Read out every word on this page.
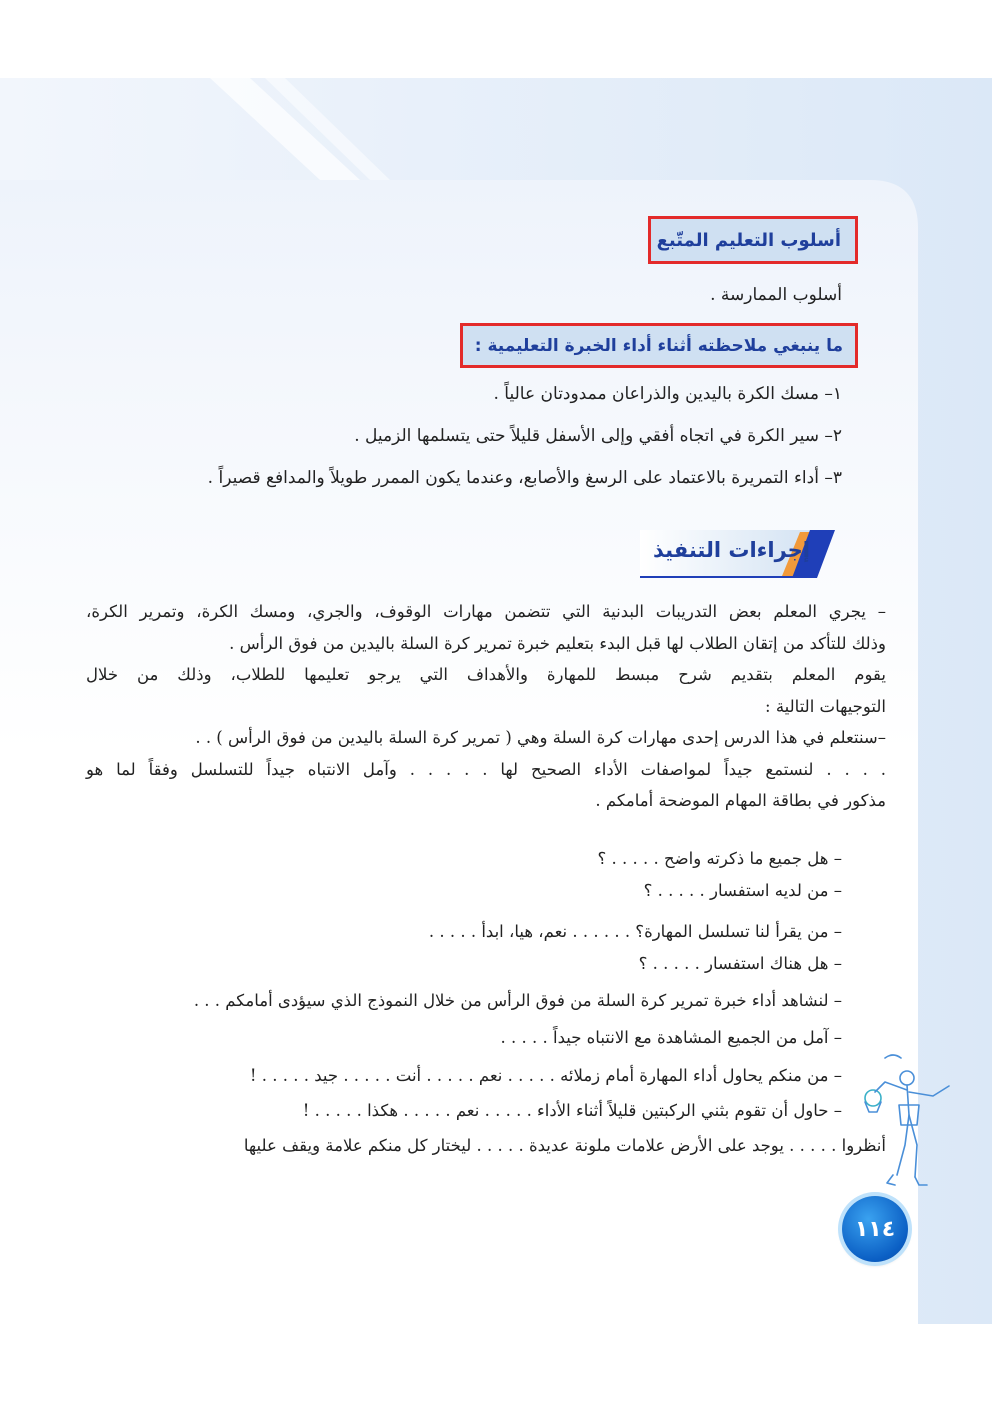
أسلوب التعليم المتّبع
أسلوب الممارسة .
ما ينبغي ملاحظته أثناء أداء الخبرة التعليمية :
١– مسك الكرة باليدين والذراعان ممدودتان عالياً .
٢– سير الكرة في اتجاه أفقي وإلى الأسفل قليلاً حتى يتسلمها الزميل .
٣– أداء التمريرة بالاعتماد على الرسغ والأصابع، وعندما يكون الممرر طويلاً والمدافع قصيراً .
إجراءات التنفيذ
– يجري المعلم بعض التدريبات البدنية التي تتضمن مهارات الوقوف، والجري، ومسك الكرة، وتمرير الكرة،
وذلك للتأكد من إتقان الطلاب لها قبل البدء بتعليم خبرة تمرير كرة السلة باليدين من فوق الرأس .
يقوم المعلم بتقديم شرح مبسط للمهارة والأهداف التي يرجو تعليمها للطلاب، وذلك من خلال
التوجيهات التالية :
–سنتعلم في هذا الدرس إحدى مهارات كرة السلة وهي ( تمرير كرة السلة باليدين من فوق الرأس ) . .
. . . . لنستمع جيداً لمواصفات الأداء الصحيح لها . . . . . وآمل الانتباه جيداً للتسلسل وفقاً لما هو
مذكور في بطاقة المهام الموضحة أمامكم .
– هل جميع ما ذكرته واضح . . . . . ؟
– من لديه استفسار . . . . . ؟
– من يقرأ لنا تسلسل المهارة؟ . . . . . . نعم، هيا، ابدأ . . . . .
– هل هناك استفسار . . . . . ؟
– لنشاهد أداء خبرة تمرير كرة السلة من فوق الرأس من خلال النموذج الذي سيؤدى أمامكم . . .
– آمل من الجميع المشاهدة مع الانتباه جيداً . . . . .
– من منكم يحاول أداء المهارة أمام زملائه . . . . . نعم . . . . . أنت . . . . . جيد . . . . . !
– حاول أن تقوم بثني الركبتين قليلاً أثناء الأداء . . . . . نعم . . . . . هكذا . . . . . !
أنظروا . . . . . يوجد على الأرض علامات ملونة عديدة . . . . . ليختار كل منكم علامة ويقف عليها
١١٤
